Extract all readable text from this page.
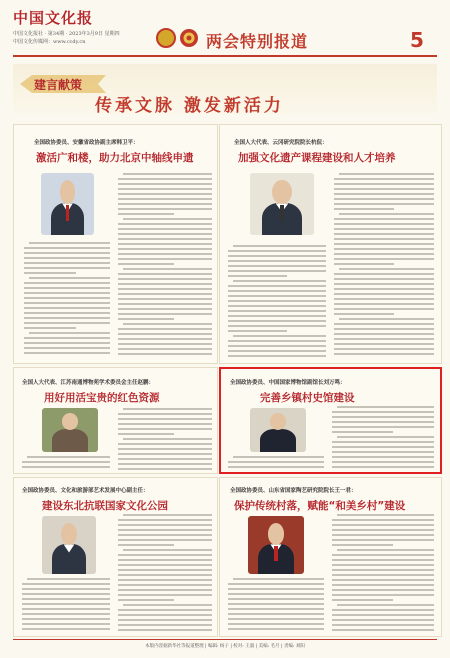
中国文化报
中国文化报社 · 第34期 · 2023年3月9日 星期四
中国文化传媒网：www.ccdy.cn	两会特别报道	5
建言献策
传承文脉 激发新活力
全国政协委员、安徽省政协副主席韩卫平：
激活广和楼，助力北京中轴线申遗
全国人大代表、云冈研究院院长杭侃：
加强文化遗产课程建设和人才培养
全国人大代表、江苏南通博物苑学术委员会主任赵鹏：
用好用活宝贵的红色资源
全国政协委员、中国国家博物馆副馆长刘万鸣：
完善乡镇村史馆建设
全国政协委员、文化和旅游部艺术发展中心副主任：
建设东北抗联国家文化公园
全国政协委员、山东省国家陶艺研究院院长王一君：
保护传统村落，赋能“和美乡村”建设
本版内容据新华社等报道整理 | 编辑: 杨子 | 校对: 王淑 | 美编: 毛月 | 责编: 刘阳
